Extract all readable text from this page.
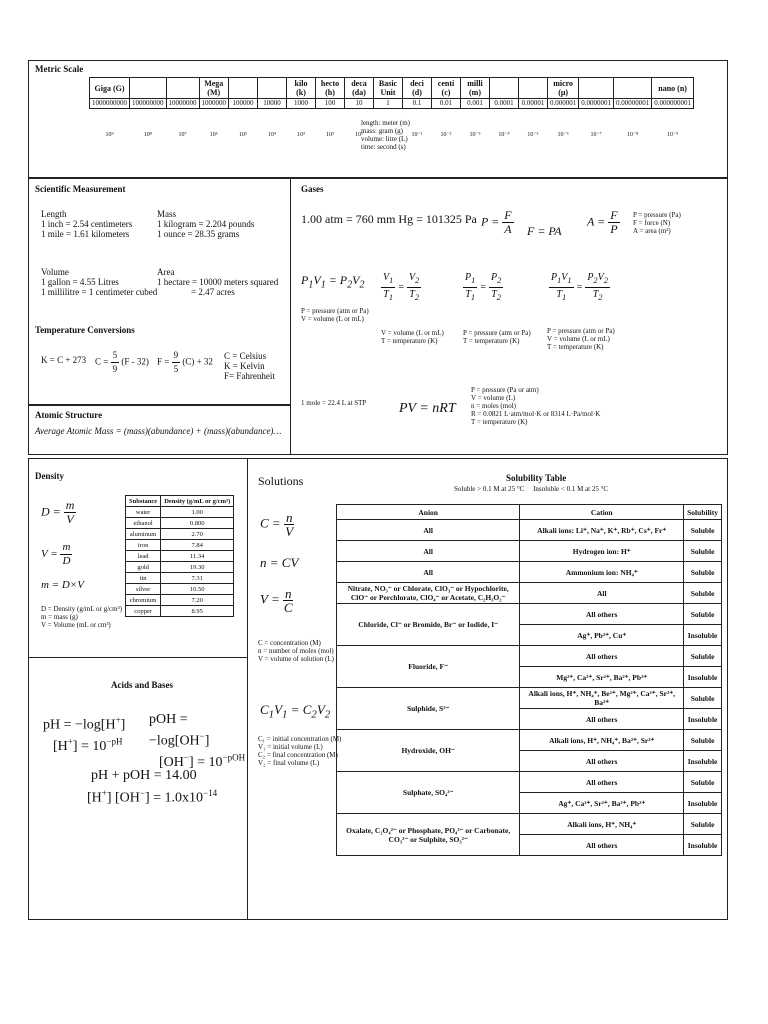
Metric Scale
Giga (G)			Mega (M)			kilo (k)	hecto (h)	deca (da)	Basic Unit	deci (d)	centi (c)	milli (m)			micro (μ)			nano (n)
1000000000	100000000	10000000	1000000	100000	10000	1000	100	10	1	0.1	0.01	0.001	0.0001	0.00001	0.000001	0.0000001	0.00000001	0.000000001
10⁹	10⁸	10⁷	10⁶	10⁵	10⁴	10³	10²	10¹		10⁻¹	10⁻²	10⁻³	10⁻⁴	10⁻⁵	10⁻⁶	10⁻⁷	10⁻⁸	10⁻⁹
length: meter (m)
mass: gram (g)
volume: litre (L)
time: second (s)
Scientific Measurement
Length
1 inch = 2.54 centimeters
1 mile = 1.61 kilometers
Mass
1 kilogram = 2.204 pounds
1 ounce = 28.35 grams
Volume
1 gallon = 4.55 Litres
1 millilitre = 1 centimeter cubed
Area
1 hectare = 10000 meters squared
= 2.47 acres
Temperature Conversions
K = C + 273 $C = \frac{5}{9} (F - 32) F = \frac{9}{5} (C) + 32$
C = Celsius
K = Kelvin
F= Fahrenheit
Atomic Structure
Average Atomic Mass = (mass)(abundance) + (mass)(abundance)…
Gases
1.00 atm = 760 mm Hg = 101325 Pa $P = \frac{F}{A}$ F = PA
$A = \frac{F}{P}$ P = pressure (Pa)
F = force (N)
A = area (m²)
$P_1V_1 = P_2V_2$
P = pressure (atm or Pa)
V = volume (L or mL)
$\frac{V_1}{T_1} = \frac{V_2}{T_2}$
V = volume (L or mL)
T = temperature (K)
$\frac{P_1}{T_1} = \frac{P_2}{T_2}$
P = pressure (atm or Pa)
T = temperature (K)
$\frac{P_1V_1}{T_1} = \frac{P_2V_2}{T_2}$
P = pressure (atm or Pa)
V = volume (L or mL)
T = temperature (K)
1 mole = 22.4 L at STP PV = nRT
P = pressure (Pa or atm)
V = volume (L)
n = moles (mol)
R = 0.0821 L·atm/mol·K or 8314 L·Pa/mol·K
T = temperature (K)
Density
$D = \frac{m}{V}$
$V = \frac{m}{D}$
m = D×V
D = Density (g/mL or g/cm³)
m = mass (g)
V = Volume (mL or cm³)
Substance	Density (g/mL or g/cm³)
water	1.00
ethanol	0.800
aluminum	2.70
iron	7.84
lead	11.34
gold	19.30
tin	7.31
silver	10.50
chromium	7.20
copper	8.95
Acids and Bases
pH = −log[H+]
$[H^+] = 10^{-pH}$
pOH = −log[OH−]
$[OH^-] = 10^{-pOH}$
pH + pOH = 14.00
[H+] $[OH^-] = 1.0x10^{-14}$
Solutions
$C = \frac{n}{V}$
n = CV
$V = \frac{n}{C}$
C = concentration (M)
n = number of moles (mol)
V = volume of solution (L)
$C_1V_1 = C_2V_2$
C₁ = initial concentration (M)
V₁ = initial volume (L)
C₂ = final concentration (M)
V₂ = final volume (L)
Solubility Table
Soluble > 0.1 M at 25 °C     Insoluble < 0.1 M at 25 °C
Anion	Cation	Solubility
All	Alkali ions: Li⁺, Na⁺, K⁺, Rb⁺, Cs⁺, Fr⁺	Soluble
All	Hydrogen ion: H⁺	Soluble
All	Ammonium ion: NH₄⁺	Soluble
Nitrate, NO₃⁻ or Chlorate, ClO₃⁻ or Hypochlorite, ClO⁻ or Perchlorate, ClO₄⁻ or Acetate, C₂H₃O₂⁻	All	Soluble
Chloride, Cl⁻ or Bromide, Br⁻ or Iodide, I⁻	All others	Soluble
	Ag⁺, Pb²⁺, Cu⁺	Insoluble
Fluoride, F⁻	All others	Soluble
	Mg²⁺, Ca²⁺, Sr²⁺, Ba²⁺, Pb²⁺	Insoluble
Sulphide, S²⁻	Alkali ions, H⁺, NH₄⁺, Be²⁺, Mg²⁺, Ca²⁺, Sr²⁺, Ba²⁺	Soluble
	All others	Insoluble
Hydroxide, OH⁻	Alkali ions, H⁺, NH₄⁺, Ba²⁺, Sr²⁺	Soluble
	All others	Insoluble
Sulphate, SO₄²⁻	All others	Soluble
	Ag⁺, Ca²⁺, Sr²⁺, Ba²⁺, Pb²⁺	Insoluble
Oxalate, C₂O₄²⁻ or Phosphate, PO₄³⁻ or Carbonate, CO₃²⁻ or Sulphite, SO₃²⁻	Alkali ions, H⁺, NH₄⁺	Soluble
	All others	Insoluble
